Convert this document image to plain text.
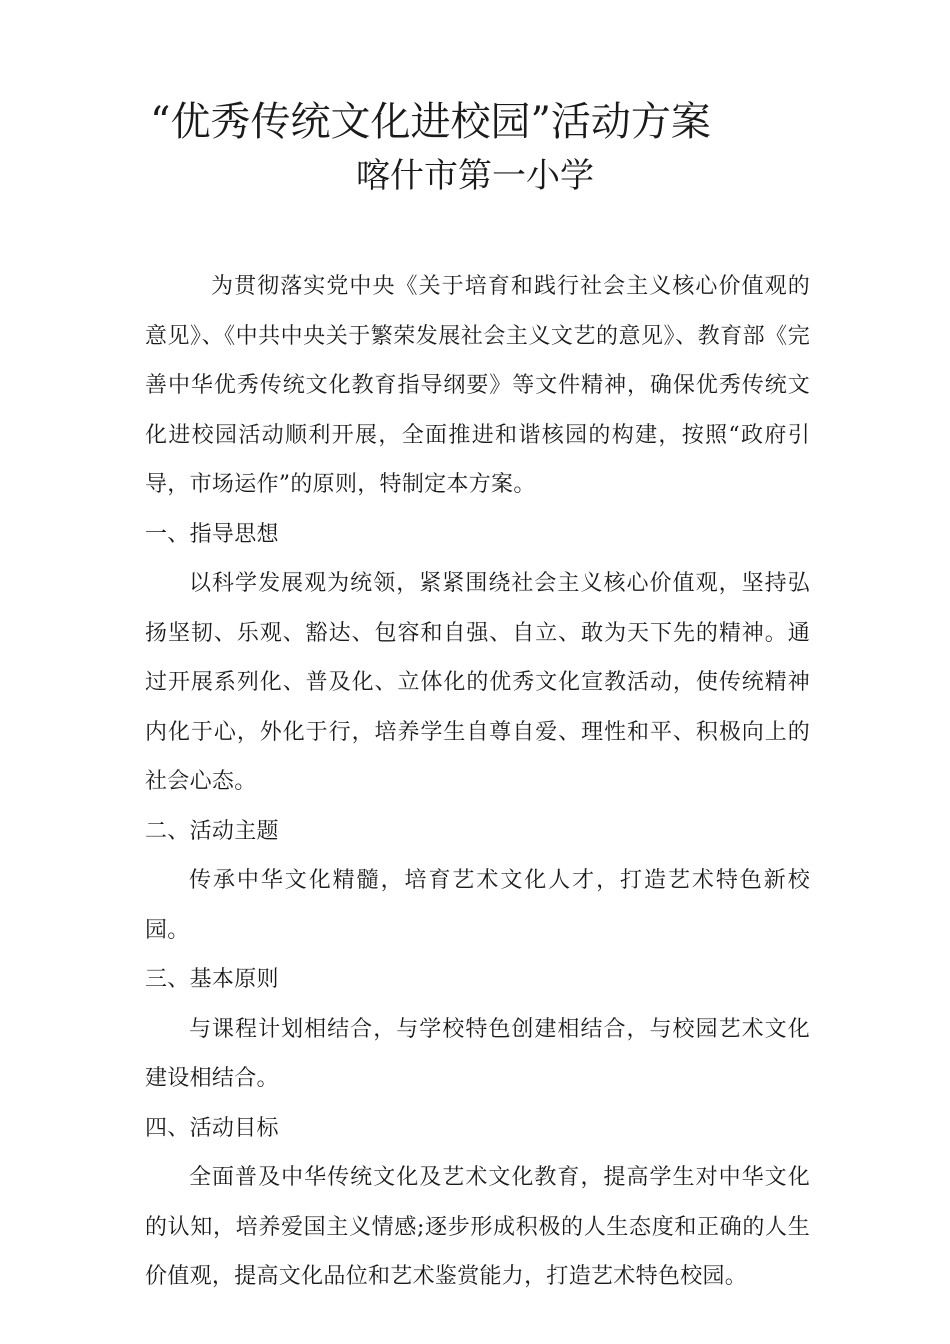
“优秀传统文化进校园”活动方案
喀什市第一小学

为贯彻落实党中央《关于培育和践行社会主义核心价值观的意见》、《中共中央关于繁荣发展社会主义文艺的意见》、教育部《完善中华优秀传统文化教育指导纲要》等文件精神，确保优秀传统文化进校园活动顺利开展，全面推进和谐核园的构建，按照“政府引导，市场运作”的原则，特制定本方案。

一、指导思想

以科学发展观为统领，紧紧围绕社会主义核心价值观，坚持弘扬坚韧、乐观、豁达、包容和自强、自立、敢为天下先的精神。通过开展系列化、普及化、立体化的优秀文化宣教活动，使传统精神内化于心，外化于行，培养学生自尊自爱、理性和平、积极向上的社会心态。

二、活动主题

传承中华文化精髓，培育艺术文化人才，打造艺术特色新校园。

三、基本原则

与课程计划相结合，与学校特色创建相结合，与校园艺术文化建设相结合。

四、活动目标

全面普及中华传统文化及艺术文化教育，提高学生对中华文化的认知，培养爱国主义情感;逐步形成积极的人生态度和正确的人生价值观，提高文化品位和艺术鉴赏能力，打造艺术特色校园。
